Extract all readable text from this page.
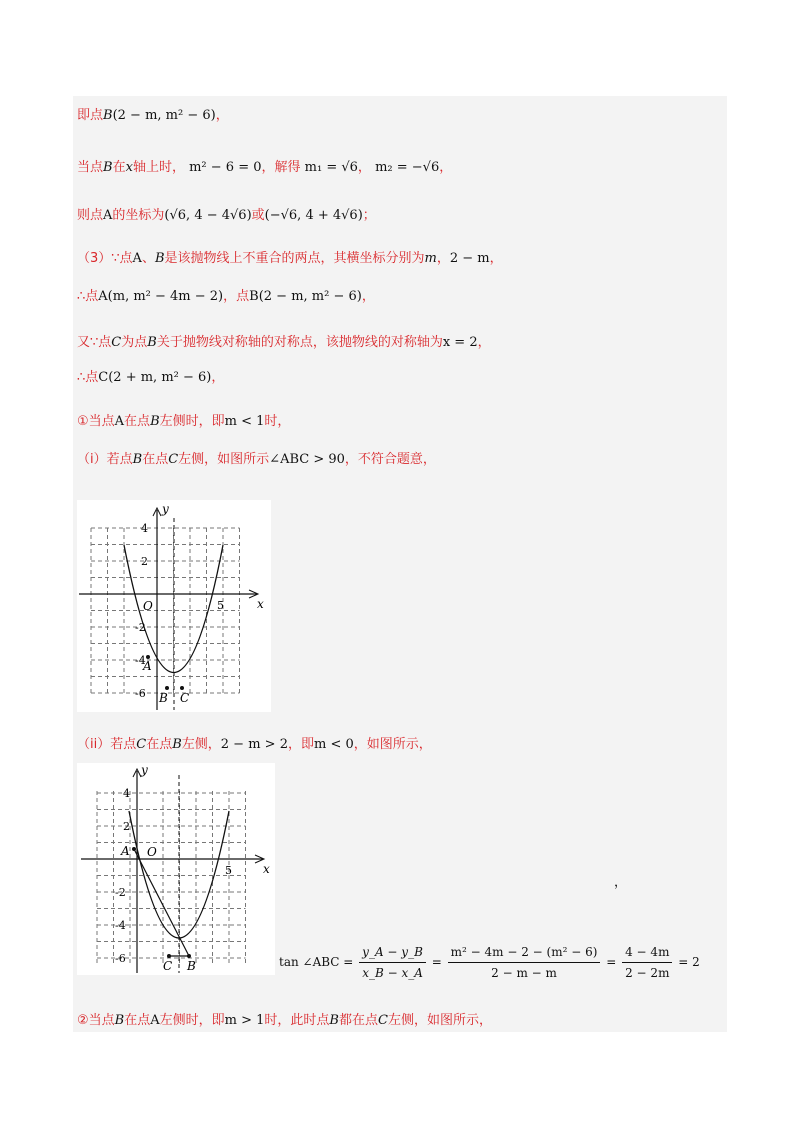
即点B(2 − m, m² − 6)，
当点B在x轴上时， m² − 6 = 0，解得 m₁ = √6， m₂ = −√6，
则点A的坐标为(√6, 4 − 4√6)或(−√6, 4 + 4√6)；
（3）∵点A、B是该抛物线上不重合的两点，其横坐标分别为m，2 − m，
∴点A(m, m² − 4m − 2)，点B(2 − m, m² − 6)，
又∵点C为点B关于抛物线对称轴的对称点，该抛物线的对称轴为x = 2，
∴点C(2 + m, m² − 6)，
①当点A在点B左侧时，即m < 1时，
（i）若点B在点C左侧，如图所示∠ABC > 90，不符合题意，
y
x
O
4
2
5
-2
-4
-6
A
B C
（ii）若点C在点B左侧，2 − m > 2，即m < 0，如图所示，
y
x
O
4
2
5
-2
-4
-6
A
C B
，
tan ∠ABC = $\frac{y\_A - y\_B}{x\_B - x\_A} = \frac{\text{m² − 4m − 2 − (m² − 6)}}{2 - m - m} = \frac{4 - 4m}{2 - 2m} = 2$
②当点B在点A左侧时，即m > 1时，此时点B都在点C左侧，如图所示，
